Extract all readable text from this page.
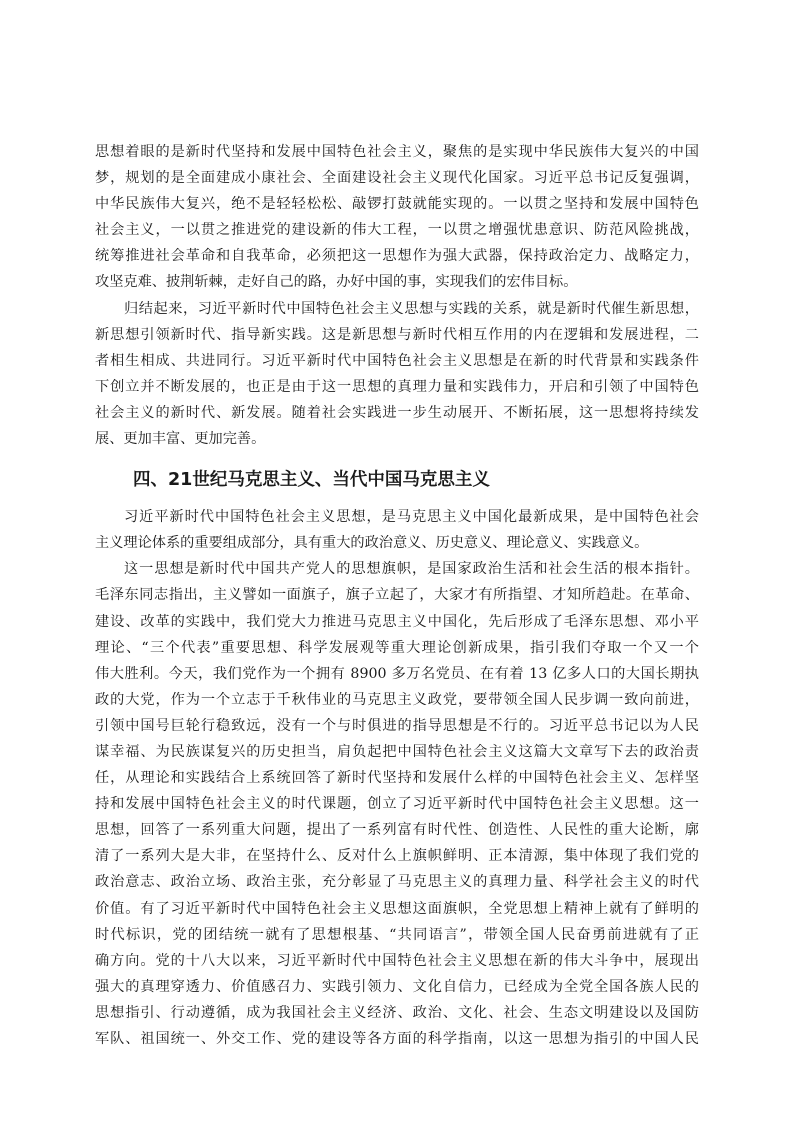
思想着眼的是新时代坚持和发展中国特色社会主义，聚焦的是实现中华民族伟大复兴的中国
梦，规划的是全面建成小康社会、全面建设社会主义现代化国家。习近平总书记反复强调，
中华民族伟大复兴，绝不是轻轻松松、敲锣打鼓就能实现的。一以贯之坚持和发展中国特色
社会主义，一以贯之推进党的建设新的伟大工程，一以贯之增强忧患意识、防范风险挑战，
统筹推进社会革命和自我革命，必须把这一思想作为强大武器，保持政治定力、战略定力，
攻坚克难、披荆斩棘，走好自己的路，办好中国的事，实现我们的宏伟目标。
归结起来，习近平新时代中国特色社会主义思想与实践的关系，就是新时代催生新思想，
新思想引领新时代、指导新实践。这是新思想与新时代相互作用的内在逻辑和发展进程，二
者相生相成、共进同行。习近平新时代中国特色社会主义思想是在新的时代背景和实践条件
下创立并不断发展的，也正是由于这一思想的真理力量和实践伟力，开启和引领了中国特色
社会主义的新时代、新发展。随着社会实践进一步生动展开、不断拓展，这一思想将持续发
展、更加丰富、更加完善。
四、21世纪马克思主义、当代中国马克思主义
习近平新时代中国特色社会主义思想，是马克思主义中国化最新成果，是中国特色社会
主义理论体系的重要组成部分，具有重大的政治意义、历史意义、理论意义、实践意义。
这一思想是新时代中国共产党人的思想旗帜，是国家政治生活和社会生活的根本指针。
毛泽东同志指出，主义譬如一面旗子，旗子立起了，大家才有所指望、才知所趋赴。在革命、
建设、改革的实践中，我们党大力推进马克思主义中国化，先后形成了毛泽东思想、邓小平
理论、“三个代表”重要思想、科学发展观等重大理论创新成果，指引我们夺取一个又一个
伟大胜利。今天，我们党作为一个拥有 8900 多万名党员、在有着 13 亿多人口的大国长期执
政的大党，作为一个立志于千秋伟业的马克思主义政党，要带领全国人民步调一致向前进，
引领中国号巨轮行稳致远，没有一个与时俱进的指导思想是不行的。习近平总书记以为人民
谋幸福、为民族谋复兴的历史担当，肩负起把中国特色社会主义这篇大文章写下去的政治责
任，从理论和实践结合上系统回答了新时代坚持和发展什么样的中国特色社会主义、怎样坚
持和发展中国特色社会主义的时代课题，创立了习近平新时代中国特色社会主义思想。这一
思想，回答了一系列重大问题，提出了一系列富有时代性、创造性、人民性的重大论断，廓
清了一系列大是大非，在坚持什么、反对什么上旗帜鲜明、正本清源，集中体现了我们党的
政治意志、政治立场、政治主张，充分彰显了马克思主义的真理力量、科学社会主义的时代
价值。有了习近平新时代中国特色社会主义思想这面旗帜，全党思想上精神上就有了鲜明的
时代标识，党的团结统一就有了思想根基、“共同语言”，带领全国人民奋勇前进就有了正
确方向。党的十八大以来，习近平新时代中国特色社会主义思想在新的伟大斗争中，展现出
强大的真理穿透力、价值感召力、实践引领力、文化自信力，已经成为全党全国各族人民的
思想指引、行动遵循，成为我国社会主义经济、政治、文化、社会、生态文明建设以及国防
军队、祖国统一、外交工作、党的建设等各方面的科学指南，以这一思想为指引的中国人民
